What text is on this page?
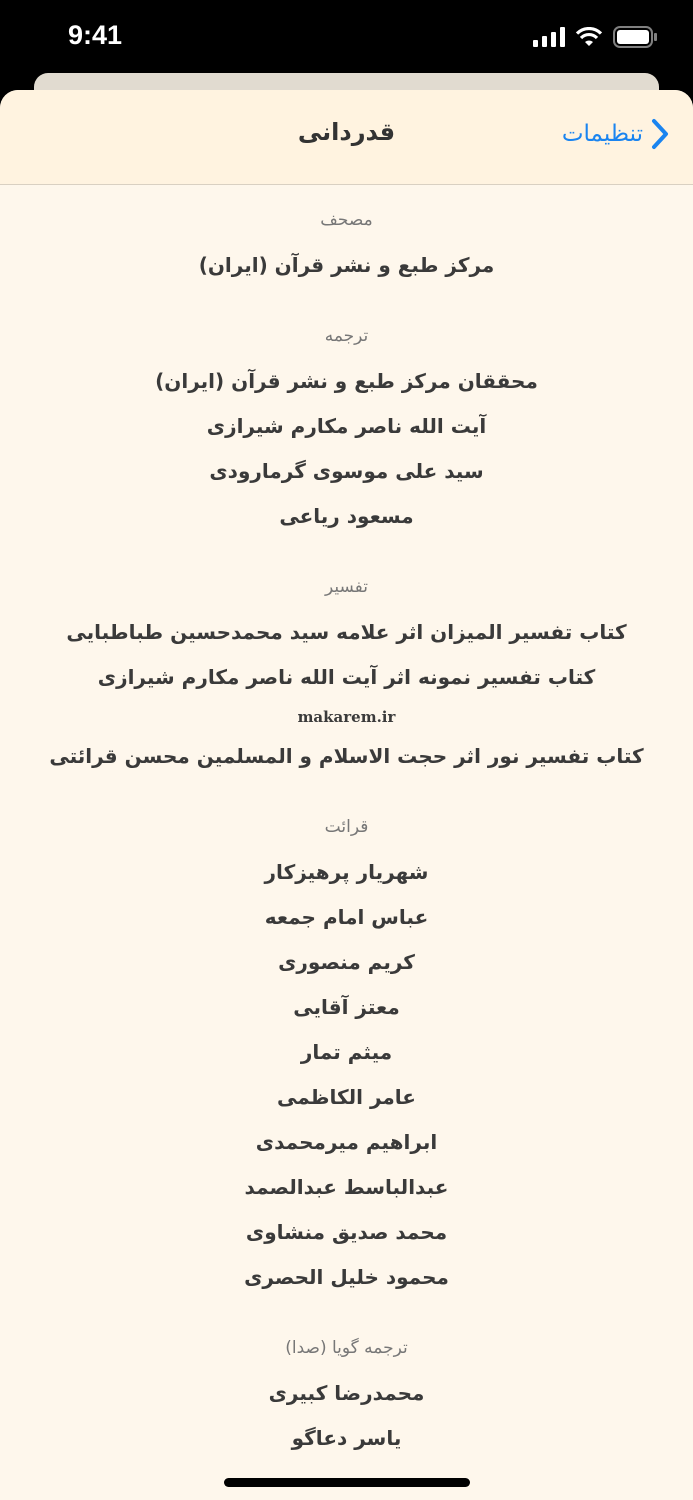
9:41
قدردانی	تنظیمات
مصحف
مرکز طبع و نشر قرآن (ایران)
ترجمه
محققان مرکز طبع و نشر قرآن (ایران)
آیت الله ناصر مکارم شیرازی
سید علی موسوی گرمارودی
مسعود ریاعی
تفسیر
کتاب تفسیر المیزان اثر علامه سید محمدحسین طباطبایی
کتاب تفسیر نمونه اثر آیت الله ناصر مکارم شیرازی
makarem.ir
کتاب تفسیر نور اثر حجت الاسلام و المسلمین محسن قرائتی
قرائت
شهریار پرهیزکار
عباس امام جمعه
کریم منصوری
معتز آقایی
میثم تمار
عامر الکاظمی
ابراهیم میرمحمدی
عبدالباسط عبدالصمد
محمد صدیق منشاوی
محمود خلیل الحصری
ترجمه گویا (صدا)
محمدرضا کبیری
یاسر دعاگو
